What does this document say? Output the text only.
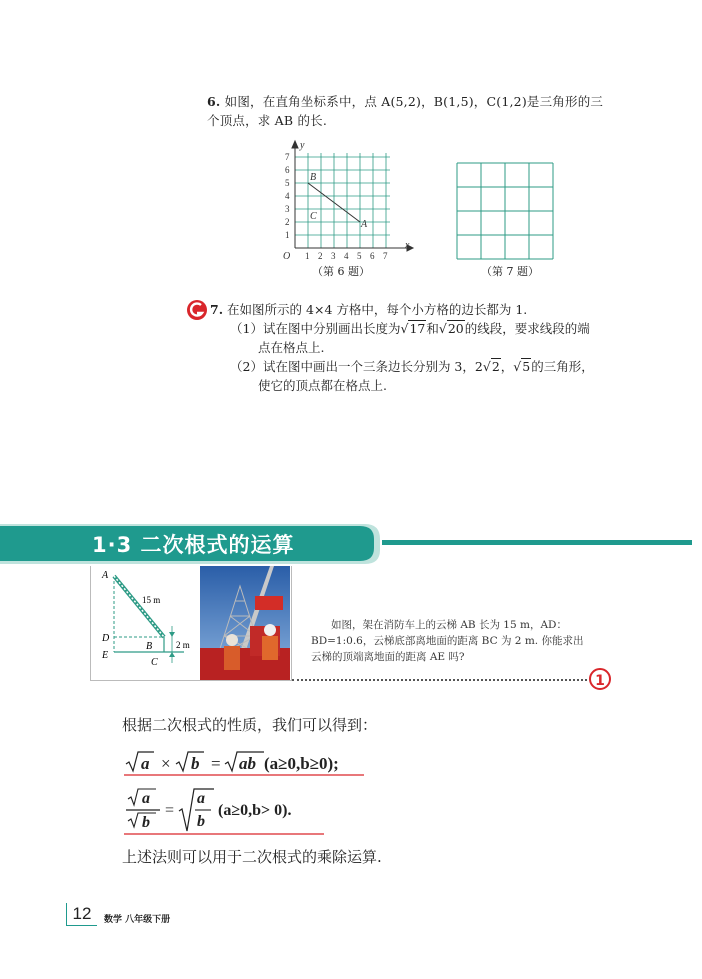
6. 如图，在直角坐标系中，点 A(5,2)，B(1,5)，C(1,2)是三角形的三
个顶点，求 AB 的长.
1 2 3 4 5 6 7
1
2
3
4
5
6
7
A
B
C
x
y
O
（第 6 题）	（第 7 题）
7. 在如图所示的 4×4 方格中，每个小方格的边长都为 1.
（1）试在图中分别画出长度为√17和√20的线段，要求线段的端
点在格点上.
（2）试在图中画出一个三条边长分别为 3，2√2，√5的三角形，
使它的顶点都在格点上.
1·3 二次根式的运算
A
D
E
B
C
15 m
2 m
如图，架在消防车上的云梯 AB 长为 15 m，AD：
BD=1:0.6，云梯底部离地面的距离 BC 为 2 m. 你能求出
云梯的顶端离地面的距离 AE 吗?
1
根据二次根式的性质，我们可以得到：
a × b = ab (a≥0,b≥0);
a
b
=
a
b
(a≥0,b> 0).
上述法则可以用于二次根式的乘除运算.
12	数学 八年级下册
